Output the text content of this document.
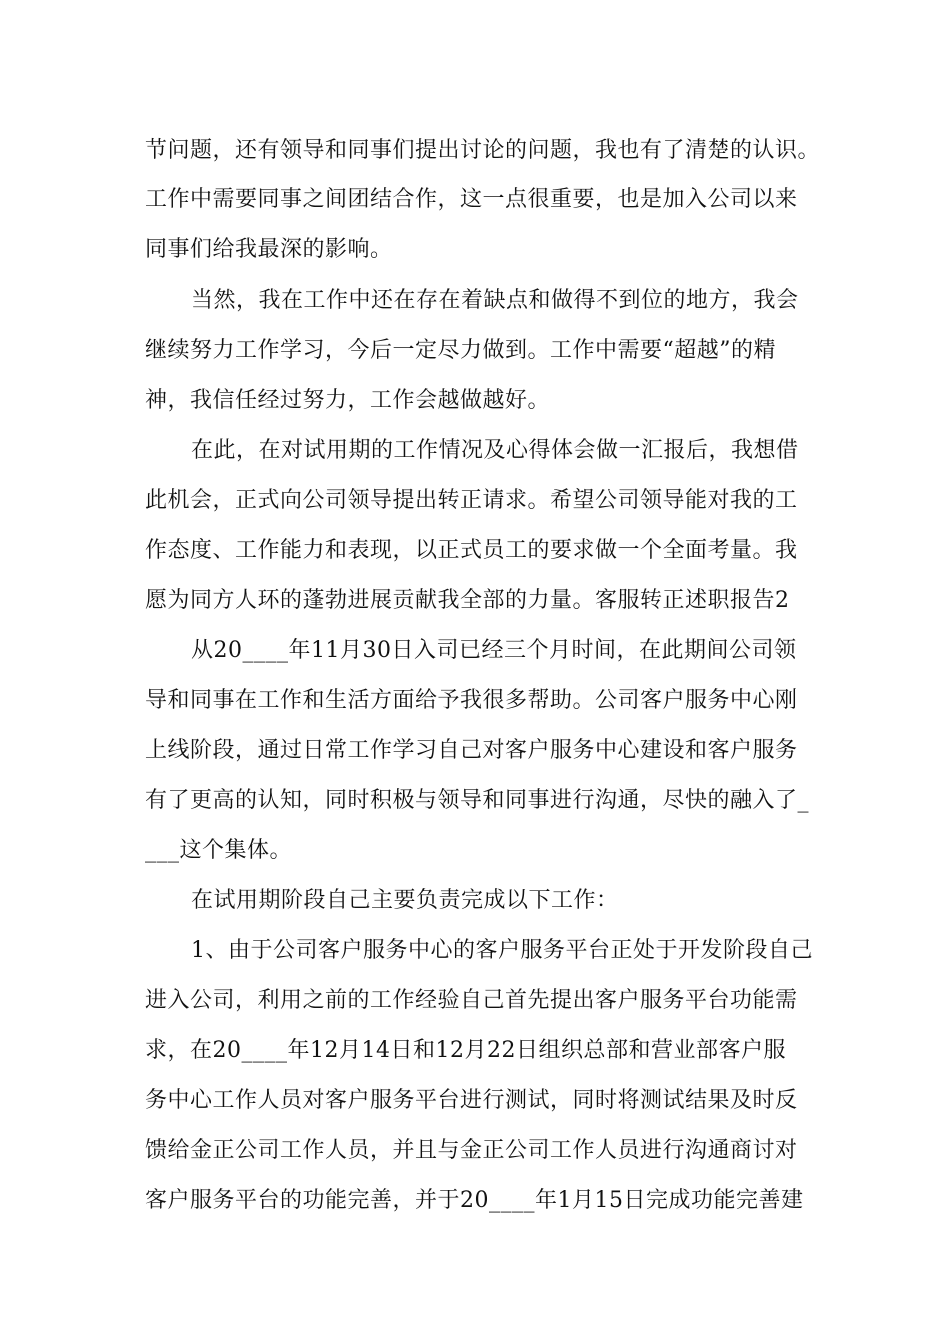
节问题，还有领导和同事们提出讨论的问题，我也有了清楚的认识。
工作中需要同事之间团结合作，这一点很重要，也是加入公司以来
同事们给我最深的影响。
当然，我在工作中还在存在着缺点和做得不到位的地方，我会
继续努力工作学习，今后一定尽力做到。工作中需要“超越”的精
神，我信任经过努力，工作会越做越好。
在此，在对试用期的工作情况及心得体会做一汇报后，我想借
此机会，正式向公司领导提出转正请求。希望公司领导能对我的工
作态度、工作能力和表现，以正式员工的要求做一个全面考量。我
愿为同方人环的蓬勃进展贡献我全部的力量。客服转正述职报告2
从20____年11月30日入司已经三个月时间，在此期间公司领
导和同事在工作和生活方面给予我很多帮助。公司客户服务中心刚
上线阶段，通过日常工作学习自己对客户服务中心建设和客户服务
有了更高的认知，同时积极与领导和同事进行沟通，尽快的融入了_
___这个集体。
在试用期阶段自己主要负责完成以下工作：
1、由于公司客户服务中心的客户服务平台正处于开发阶段自己
进入公司，利用之前的工作经验自己首先提出客户服务平台功能需
求，在20____年12月14日和12月22日组织总部和营业部客户服
务中心工作人员对客户服务平台进行测试，同时将测试结果及时反
馈给金正公司工作人员，并且与金正公司工作人员进行沟通商讨对
客户服务平台的功能完善，并于20____年1月15日完成功能完善建
